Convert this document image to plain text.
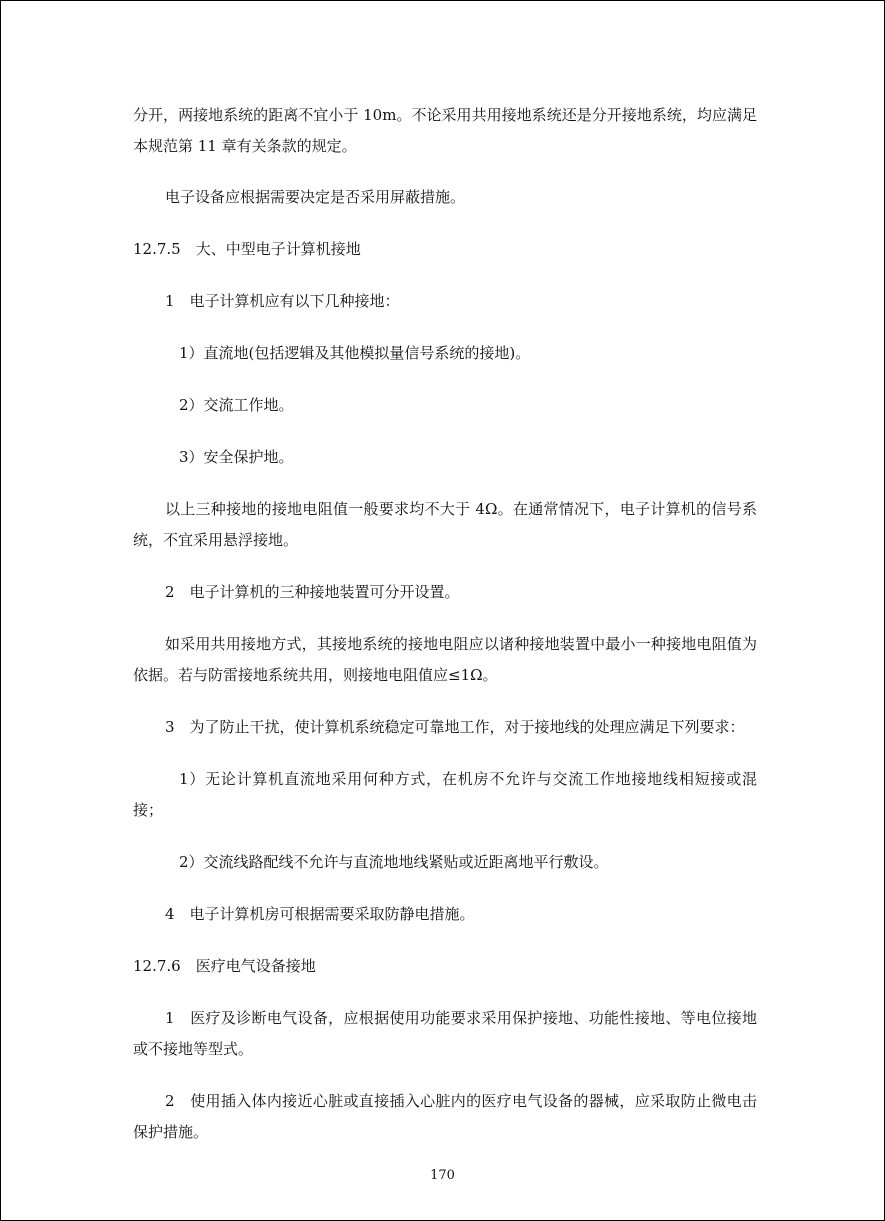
分开，两接地系统的距离不宜小于 10m。不论采用共用接地系统还是分开接地系统，均应满足本规范第 11 章有关条款的规定。

电子设备应根据需要决定是否采用屏蔽措施。

12.7.5　大、中型电子计算机接地

1　电子计算机应有以下几种接地：

1）直流地(包括逻辑及其他模拟量信号系统的接地)。

2）交流工作地。

3）安全保护地。

以上三种接地的接地电阻值一般要求均不大于 4Ω。在通常情况下，电子计算机的信号系统，不宜采用悬浮接地。

2　电子计算机的三种接地装置可分开设置。

如采用共用接地方式，其接地系统的接地电阻应以诸种接地装置中最小一种接地电阻值为依据。若与防雷接地系统共用，则接地电阻值应≤1Ω。

3　为了防止干扰，使计算机系统稳定可靠地工作，对于接地线的处理应满足下列要求：

1）无论计算机直流地采用何种方式，在机房不允许与交流工作地接地线相短接或混接；

2）交流线路配线不允许与直流地地线紧贴或近距离地平行敷设。

4　电子计算机房可根据需要采取防静电措施。

12.7.6　医疗电气设备接地

1　医疗及诊断电气设备，应根据使用功能要求采用保护接地、功能性接地、等电位接地或不接地等型式。

2　使用插入体内接近心脏或直接插入心脏内的医疗电气设备的器械，应采取防止微电击保护措施。

170
